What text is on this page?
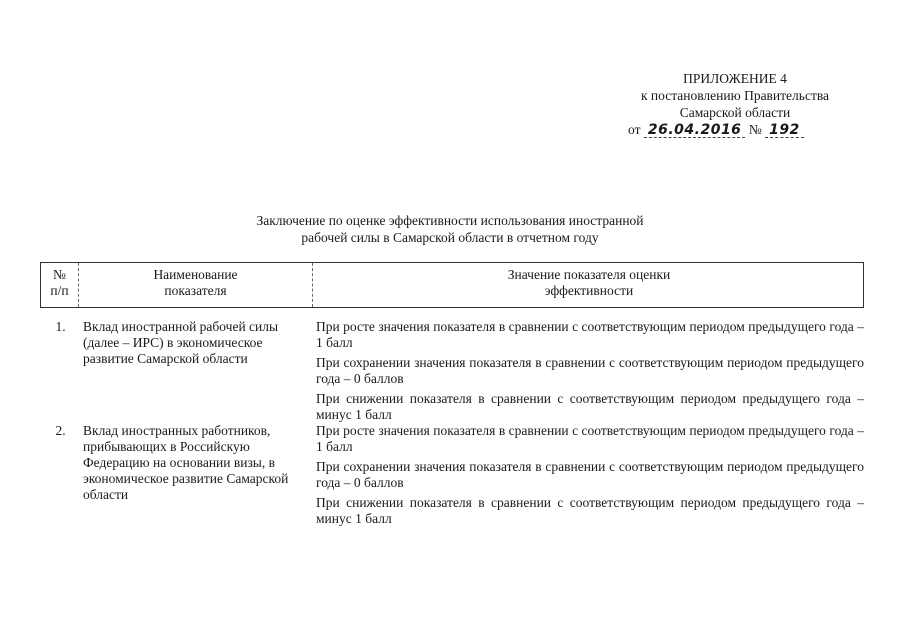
ПРИЛОЖЕНИЕ 4
к постановлению Правительства
Самарской области
от 26.04.2016 № 192
Заключение по оценке эффективности использования иностранной
рабочей силы в Самарской области в отчетном году
№
п/п
Наименование
показателя
Значение показателя оценки
эффективности
1.	Вклад иностранной рабочей силы (далее – ИРС) в экономическое развитие Самарской области
При росте значения показателя в сравнении с соответствующим периодом предыдущего года – 1 балл
При сохранении значения показателя в сравнении с соответствующим периодом предыдущего года – 0 баллов
При снижении показателя в сравнении с соответствующим периодом предыдущего года – минус 1 балл
2.	Вклад иностранных работников, прибывающих в Российскую Федерацию на основании визы, в экономическое развитие Самарской области
При росте значения показателя в сравнении с соответствующим периодом предыдущего года – 1 балл
При сохранении значения показателя в сравнении с соответствующим периодом предыдущего года – 0 баллов
При снижении показателя в сравнении с соответствующим периодом предыдущего года – минус 1 балл
